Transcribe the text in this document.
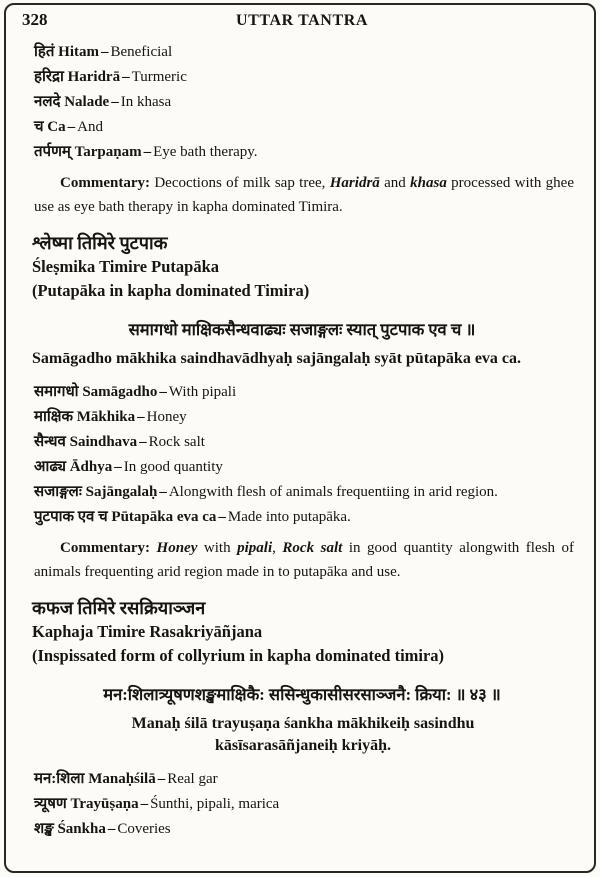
328	UTTAR TANTRA
हितं Hitam – Beneficial
हरिद्रा Haridrā – Turmeric
नलदे Nalade – In khasa
च Ca – And
तर्पणम् Tarpaṇam – Eye bath therapy.

Commentary: Decoctions of milk sap tree, Haridrā and khasa processed with ghee use as eye bath therapy in kapha dominated Timira.

श्लेष्मा तिमिरे पुटपाक
Śleṣmika Timire Putapāka
(Putapāka in kapha dominated Timira)
समागधो माक्षिकसैन्धवाढ्यः सजाङ्गलः स्यात् पुटपाक एव च ॥
Samāgadho mākhika saindhavādhyaḥ sajāngalaḥ syāt pūtapāka eva ca.
समागधो Samāgadho – With pipali
माक्षिक Mākhika – Honey
सैन्धव Saindhava – Rock salt
आढ्य Ādhya – In good quantity
सजाङ्गलः Sajāngalaḥ – Alongwith flesh of animals frequentiing in arid region.
पुटपाक एव च Pūtapāka eva ca – Made into putapāka.

Commentary: Honey with pipali, Rock salt in good quantity alongwith flesh of animals frequenting arid region made in to putapāka and use.

कफज तिमिरे रसक्रियाञ्जन
Kaphaja Timire Rasakriyāñjana
(Inspissated form of collyrium in kapha dominated timira)
मन:शिलात्र्यूषणशङ्खमाक्षिकै: ससिन्धुकासीसरसाञ्जनै: क्रिया: ॥ ४३ ॥
Manaḥ śilā trayuṣaṇa śankha mākhikeiḥ sasindhu
kāsīsarasāñjaneiḥ kriyāḥ.
मन:शिला Manaḥśilā – Real gar
त्र्यूषण Trayūṣaṇa – Śunthi, pipali, marica
शङ्ख Śankha – Coveries
